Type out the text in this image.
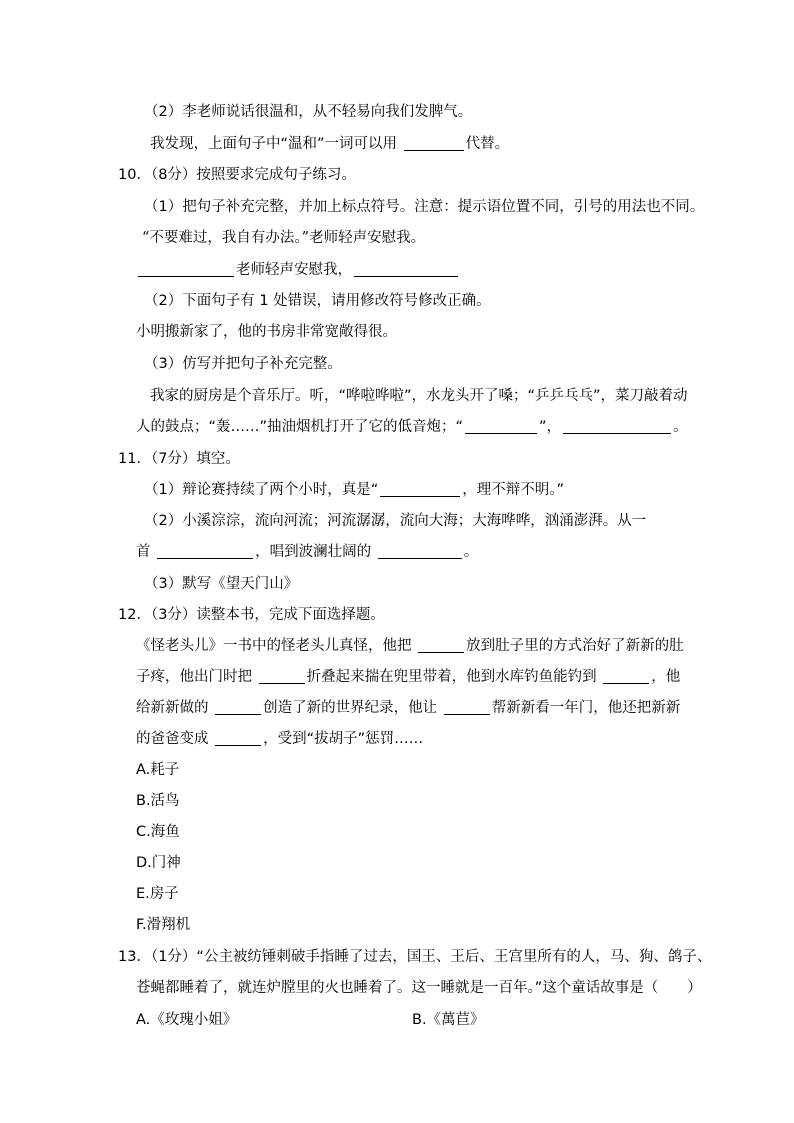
（2）李老师说话很温和，从不轻易向我们发脾气。
我发现，上面句子中“温和”一词可以用	代替。
10．（8分）按照要求完成句子练习。
（1）把句子补充完整，并加上标点符号。注意：提示语位置不同，引号的用法也不同。
“不要难过，我自有办法。”老师轻声安慰我。
老师轻声安慰我，
（2）下面句子有 1 处错误，请用修改符号修改正确。
小明搬新家了，他的书房非常宽敞得很。
（3）仿写并把句子补充完整。
我家的厨房是个音乐厅。听，“哗啦哗啦”，水龙头开了嗓；“乒乒乓乓”，菜刀敲着动
人的鼓点；“轰……”抽油烟机打开了它的低音炮；“	”，	。
11．（7分）填空。
（1）辩论赛持续了两个小时，真是“	，理不辩不明。”
（2）小溪淙淙，流向河流；河流潺潺，流向大海；大海哗哗，汹涌澎湃。从一
首	，唱到波澜壮阔的	。
（3）默写《望天门山》
12．（3分）读整本书，完成下面选择题。
《怪老头儿》一书中的怪老头儿真怪，他把	放到肚子里的方式治好了新新的肚
子疼，他出门时把	折叠起来揣在兜里带着，他到水库钓鱼能钓到	，他
给新新做的	创造了新的世界纪录，他让	帮新新看一年门，他还把新新
的爸爸变成	，受到“拔胡子”惩罚……
A.耗子
B.活鸟
C.海鱼
D.门神
E.房子
F.滑翔机
13．（1分）“公主被纺锤刺破手指睡了过去，国王、王后、王宫里所有的人，马、狗、鸽子、
苍蝇都睡着了，就连炉膛里的火也睡着了。这一睡就是一百年。”这个童话故事是（　　）
A.《玫瑰小姐》	B.《萬苣》
